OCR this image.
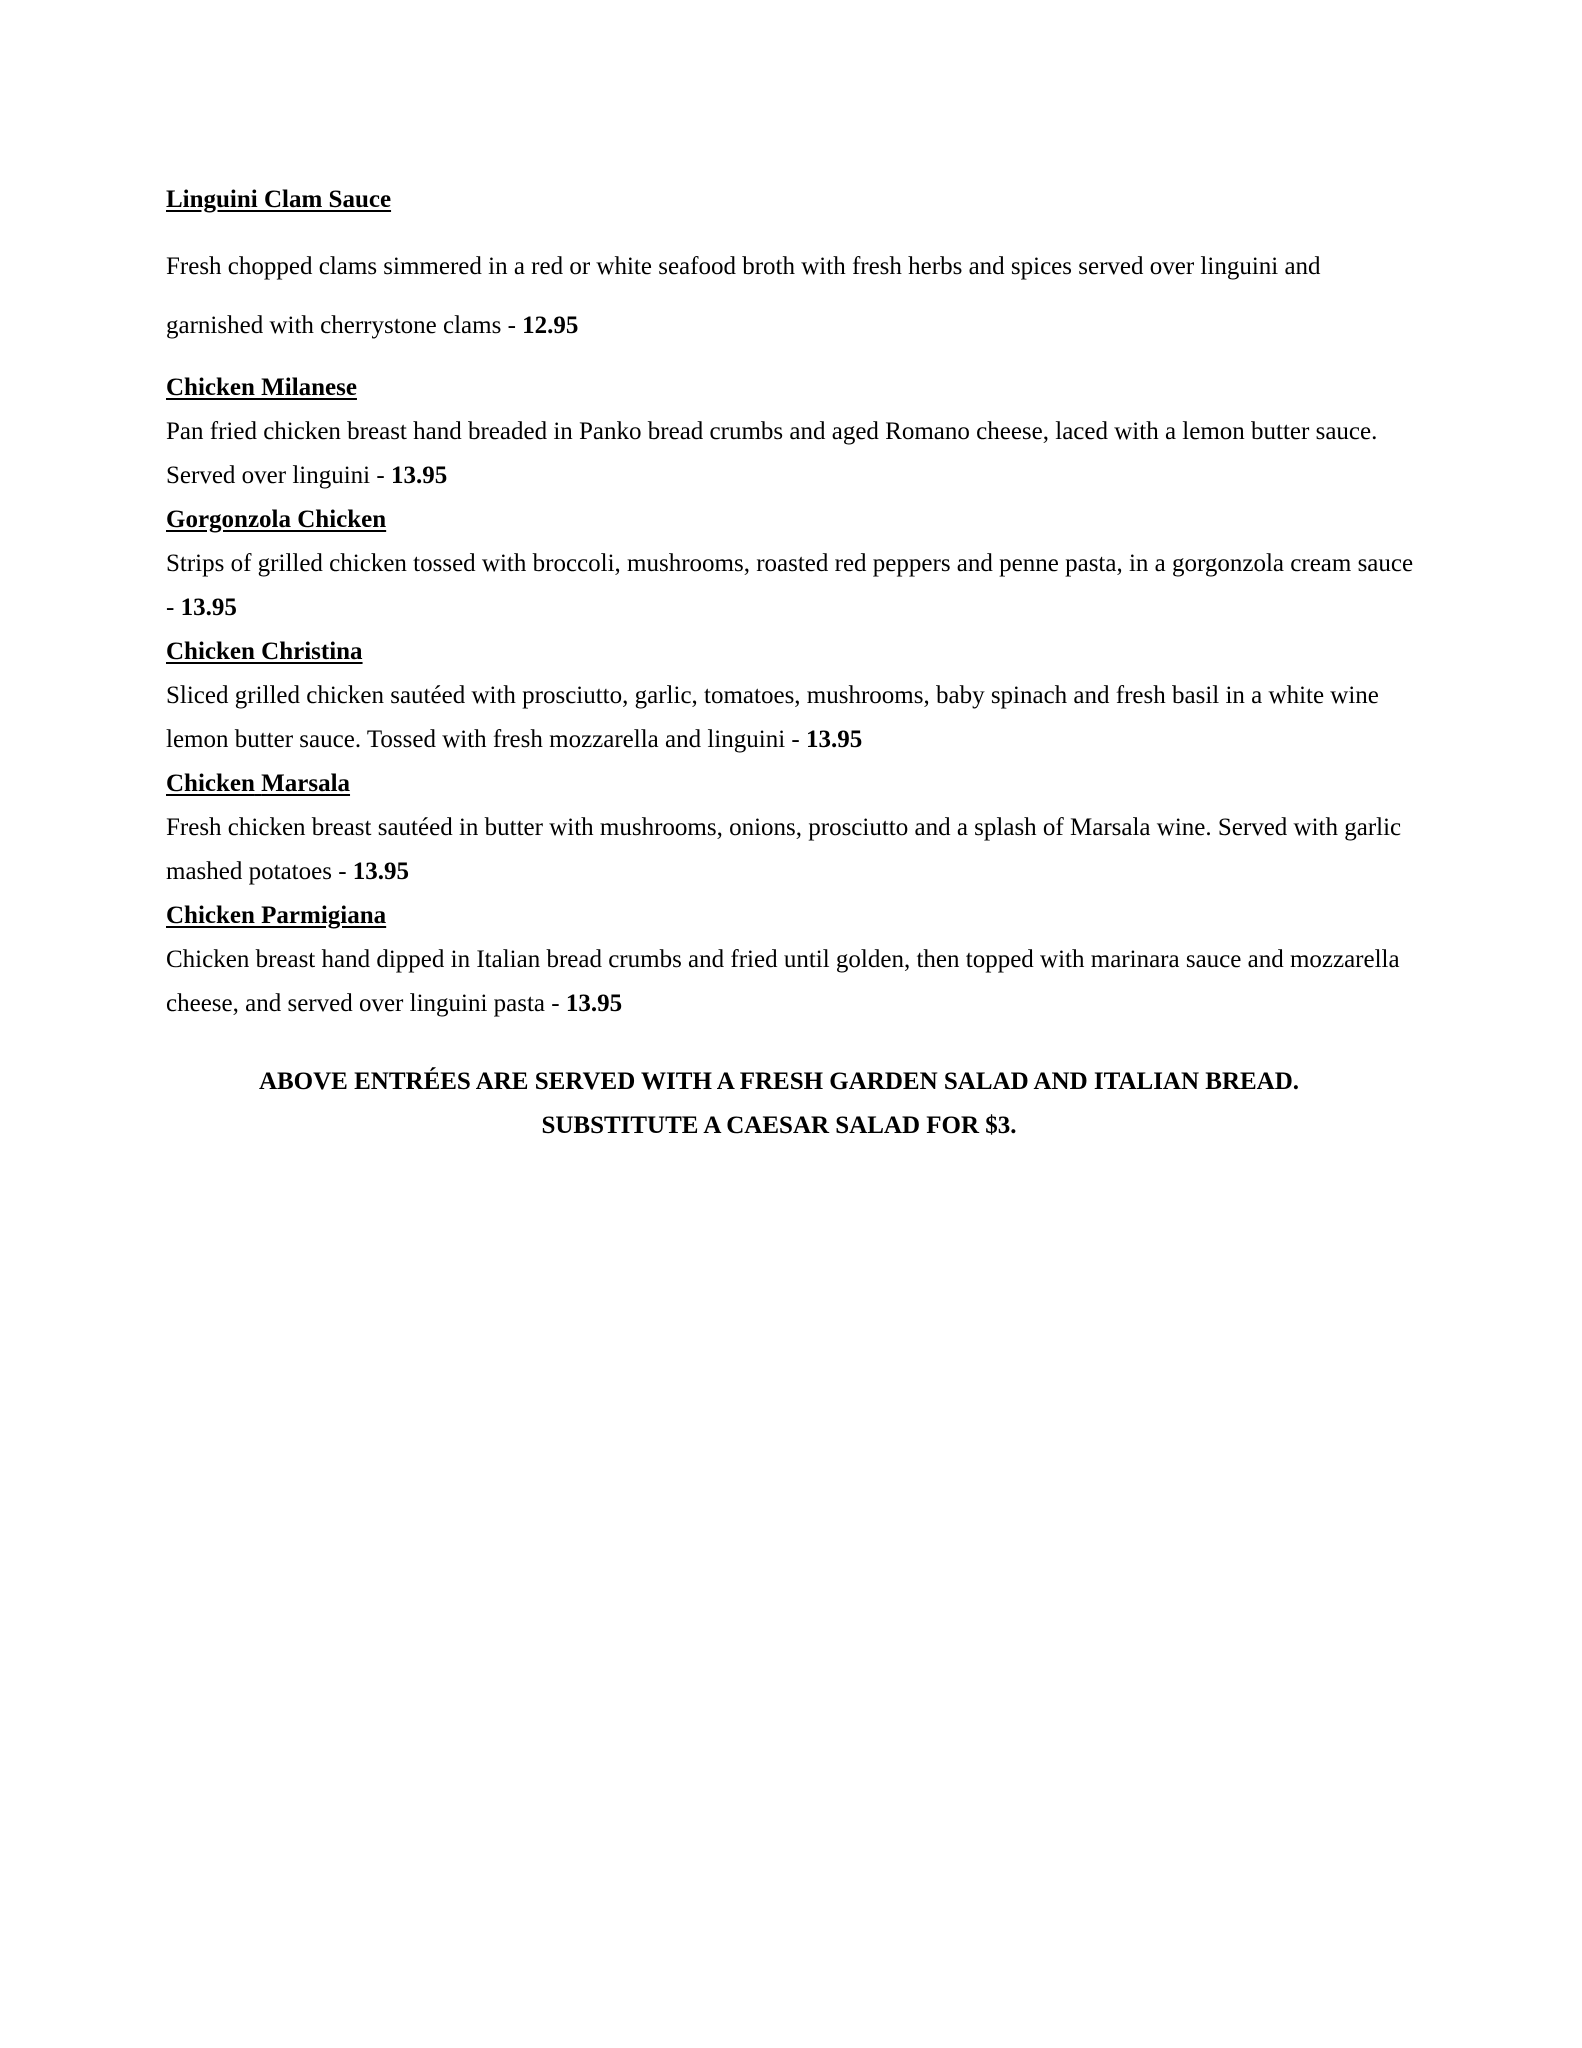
Linguini Clam Sauce

Fresh chopped clams simmered in a red or white seafood broth with fresh herbs and spices served over linguini and garnished with cherrystone clams - 12.95

Chicken Milanese

Pan fried chicken breast hand breaded in Panko bread crumbs and aged Romano cheese, laced with a lemon butter sauce. Served over linguini - 13.95

Gorgonzola Chicken

Strips of grilled chicken tossed with broccoli, mushrooms, roasted red peppers and penne pasta, in a gorgonzola cream sauce - 13.95

Chicken Christina

Sliced grilled chicken sautéed with prosciutto, garlic, tomatoes, mushrooms, baby spinach and fresh basil in a white wine lemon butter sauce. Tossed with fresh mozzarella and linguini - 13.95

Chicken Marsala

Fresh chicken breast sautéed in butter with mushrooms, onions, prosciutto and a splash of Marsala wine. Served with garlic mashed potatoes - 13.95

Chicken Parmigiana

Chicken breast hand dipped in Italian bread crumbs and fried until golden, then topped with marinara sauce and mozzarella cheese, and served over linguini pasta - 13.95

ABOVE ENTRÉES ARE SERVED WITH A FRESH GARDEN SALAD AND ITALIAN BREAD.
SUBSTITUTE A CAESAR SALAD FOR $3.
